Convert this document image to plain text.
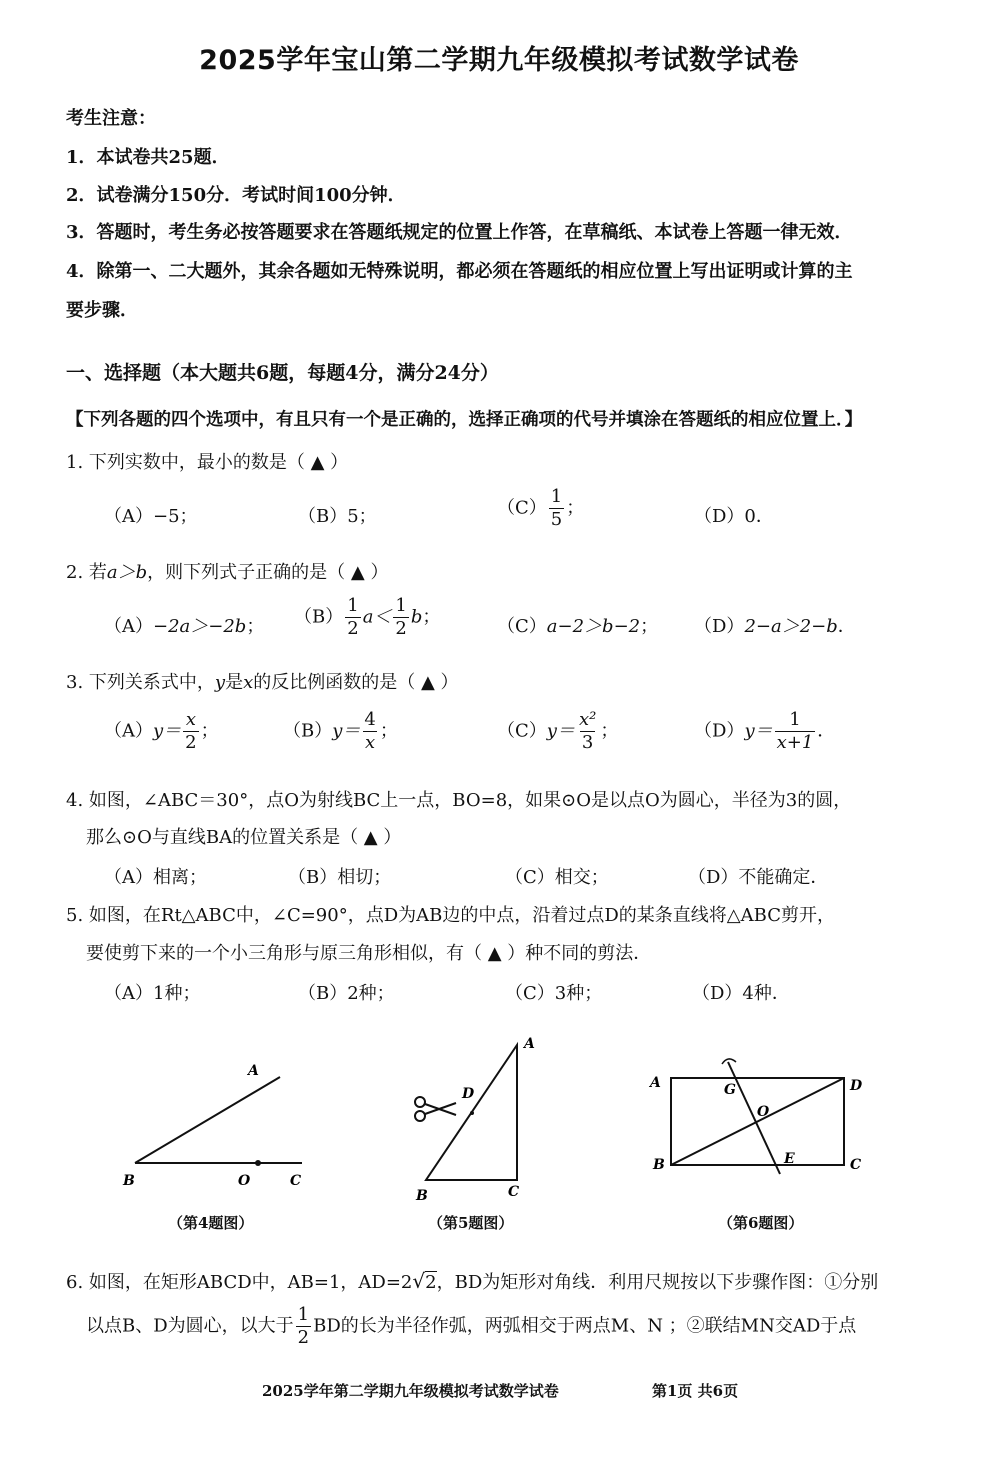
2025学年宝山第二学期九年级模拟考试数学试卷
考生注意：
1．本试卷共25题．
2．试卷满分150分．考试时间100分钟．
3．答题时，考生务必按答题要求在答题纸规定的位置上作答，在草稿纸、本试卷上答题一律无效．
4．除第一、二大题外，其余各题如无特殊说明，都必须在答题纸的相应位置上写出证明或计算的主
要步骤．
一、选择题（本大题共6题，每题4分，满分24分）
【下列各题的四个选项中，有且只有一个是正确的，选择正确项的代号并填涂在答题纸的相应位置上．】
1. 下列实数中，最小的数是（ ▲ ）
（A）−5；	（B）5；	$(C) \frac{1}{5}$ ；	（D）0．
2. 若a＞b，则下列式子正确的是（ ▲ ）
（A）−2a＞−2b； $(B) \frac{1}{2} a< \frac{1}{2}$ b；	（C）a−2＞b−2； （D）2−a＞2−b．
3. 下列关系式中，y是x的反比例函数的是（ ▲ ）
$(A)y= \frac{x}{2}$ ；	$(B)y= \frac{4}{x}$ ；	$(C)y= \frac{\text{x²}}{3}$ ；	$(D)y= \frac{1}{x+1}$ ．
4. 如图，∠ABC＝30°，点O为射线BC上一点，BO=8，如果⊙O是以点O为圆心，半径为3的圆，
那么⊙O与直线BA的位置关系是（ ▲ ）
（A）相离；	（B）相切；	（C）相交；	（D）不能确定．
5. 如图，在Rt△ABC中，∠C=90°，点D为AB边的中点，沿着过点D的某条直线将△ABC剪开，
要使剪下来的一个小三角形与原三角形相似，有（ ▲ ）种不同的剪法．
（A）1种；	（B）2种；	（C）3种；	（D）4种．
A
B	O	C
（第4题图）
A
D
B	C
（第5题图）
A	G	D
O
B	E	C
（第6题图）
6. 如图，在矩形ABCD中，AB=1，AD=2√2，BD为矩形对角线．利用尺规按以下步骤作图：①分别
以点B、D为圆心，以大于 $\frac{1}{2}$ BD的长为半径作弧，两弧相交于两点M、N ；②联结MN交AD于点
2025学年第二学期九年级模拟考试数学试卷	第1页 共6页
